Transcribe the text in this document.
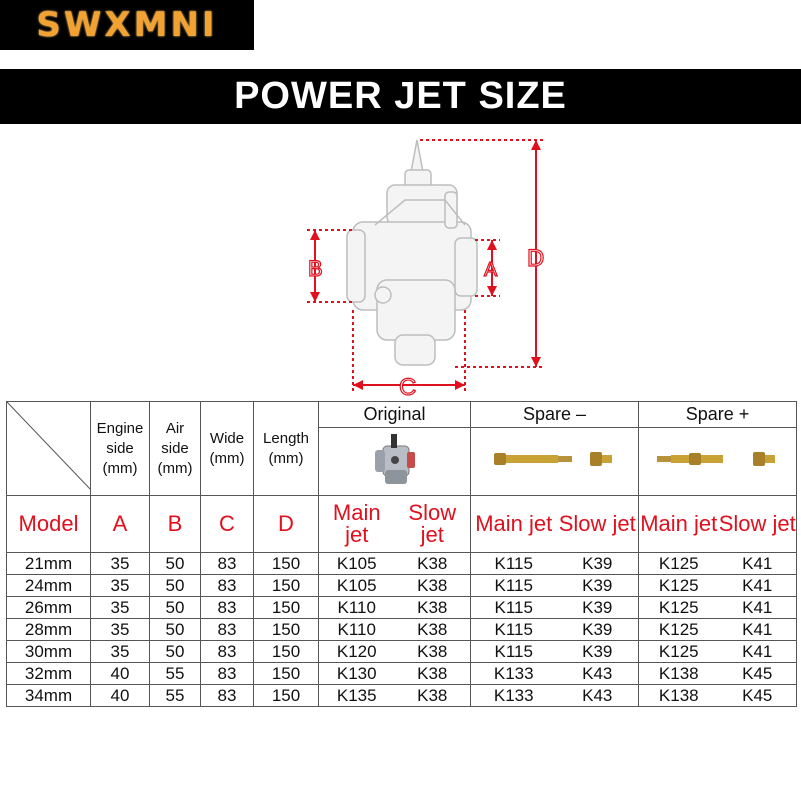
SWXMNI
POWER JET SIZE
B	A D
C
	Engine side (mm)	Air side (mm)	Wide (mm)	Length (mm)	Original		Spare –		Spare +	

Model	A	B	C	D	Main jet	Slow jet	Main jet	Slow jet	Main jet	Slow jet
21mm	35	50	83	150	K105	K38	K115	K39	K125	K41
24mm	35	50	83	150	K105	K38	K115	K39	K125	K41
26mm	35	50	83	150	K110	K38	K115	K39	K125	K41
28mm	35	50	83	150	K110	K38	K115	K39	K125	K41
30mm	35	50	83	150	K120	K38	K115	K39	K125	K41
32mm	40	55	83	150	K130	K38	K133	K43	K138	K45
34mm	40	55	83	150	K135	K38	K133	K43	K138	K45
